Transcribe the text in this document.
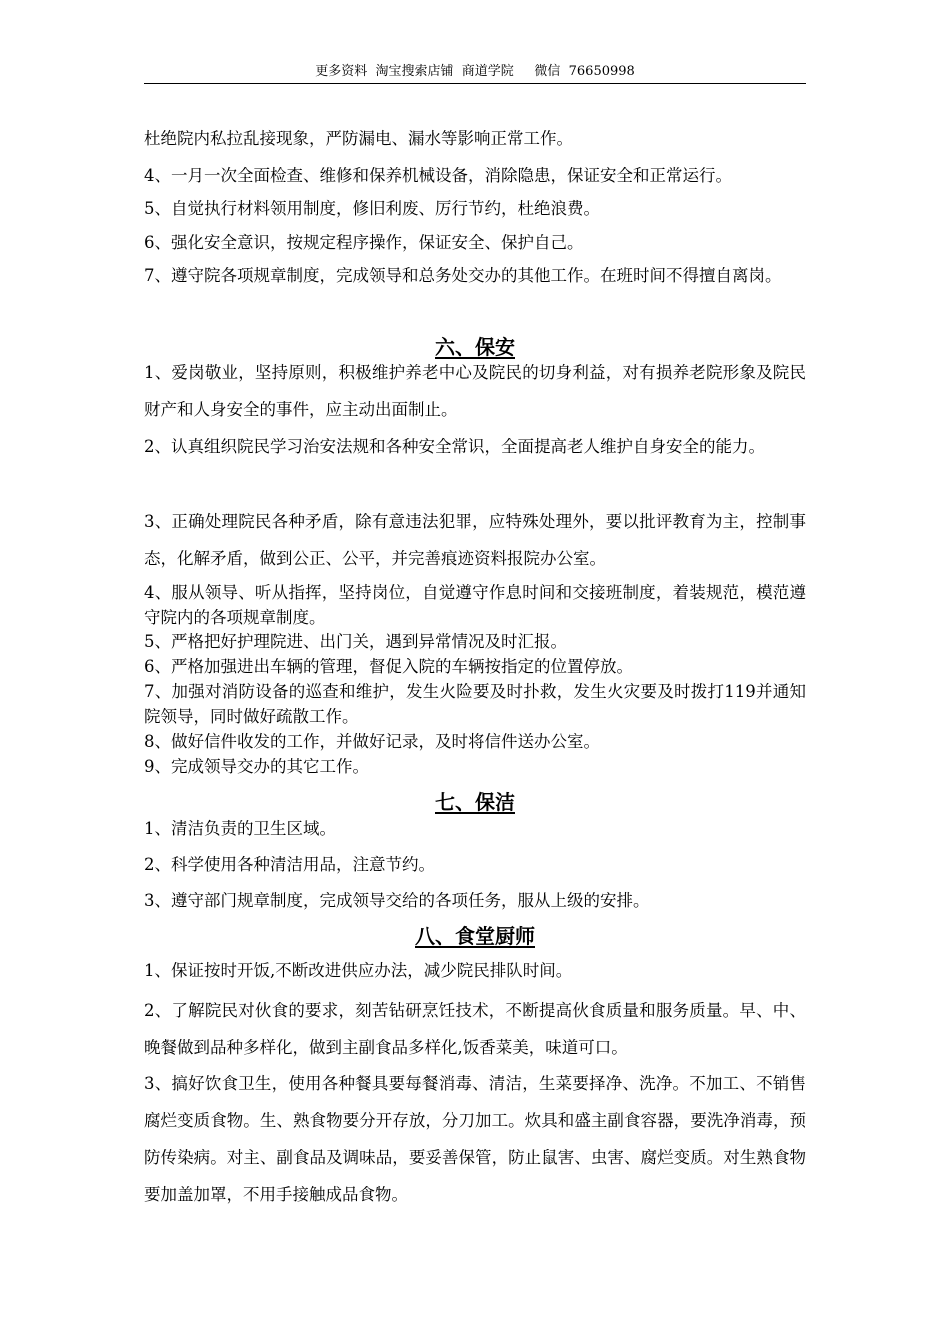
更多资料  淘宝搜索店铺  商道学院     微信  76650998
杜绝院内私拉乱接现象，严防漏电、漏水等影响正常工作。
4、一月一次全面检查、维修和保养机械设备，消除隐患，保证安全和正常运行。
5、自觉执行材料领用制度，修旧利废、厉行节约，杜绝浪费。
6、强化安全意识，按规定程序操作，保证安全、保护自己。
7、遵守院各项规章制度，完成领导和总务处交办的其他工作。在班时间不得擅自离岗。
六、保安
1、爱岗敬业，坚持原则，积极维护养老中心及院民的切身利益，对有损养老院形象及院民财产和人身安全的事件，应主动出面制止。
2、认真组织院民学习治安法规和各种安全常识，全面提高老人维护自身安全的能力。
3、正确处理院民各种矛盾，除有意违法犯罪，应特殊处理外，要以批评教育为主，控制事态，化解矛盾，做到公正、公平，并完善痕迹资料报院办公室。
4、服从领导、听从指挥，坚持岗位，自觉遵守作息时间和交接班制度，着装规范，模范遵守院内的各项规章制度。
5、严格把好护理院进、出门关，遇到异常情况及时汇报。
6、严格加强进出车辆的管理，督促入院的车辆按指定的位置停放。
7、加强对消防设备的巡查和维护，发生火险要及时扑救，发生火灾要及时拨打119并通知院领导，同时做好疏散工作。
8、做好信件收发的工作，并做好记录，及时将信件送办公室。
9、完成领导交办的其它工作。
七、保洁
1、清洁负责的卫生区域。
2、科学使用各种清洁用品，注意节约。
3、遵守部门规章制度，完成领导交给的各项任务，服从上级的安排。
八、食堂厨师
1、保证按时开饭,不断改进供应办法，减少院民排队时间。
2、了解院民对伙食的要求，刻苦钻研烹饪技术，不断提高伙食质量和服务质量。早、中、晚餐做到品种多样化，做到主副食品多样化,饭香菜美，味道可口。
3、搞好饮食卫生，使用各种餐具要每餐消毒、清洁，生菜要择净、洗净。不加工、不销售腐烂变质食物。生、熟食物要分开存放，分刀加工。炊具和盛主副食容器，要洗净消毒，预防传染病。对主、副食品及调味品，要妥善保管，防止鼠害、虫害、腐烂变质。对生熟食物要加盖加罩，不用手接触成品食物。
